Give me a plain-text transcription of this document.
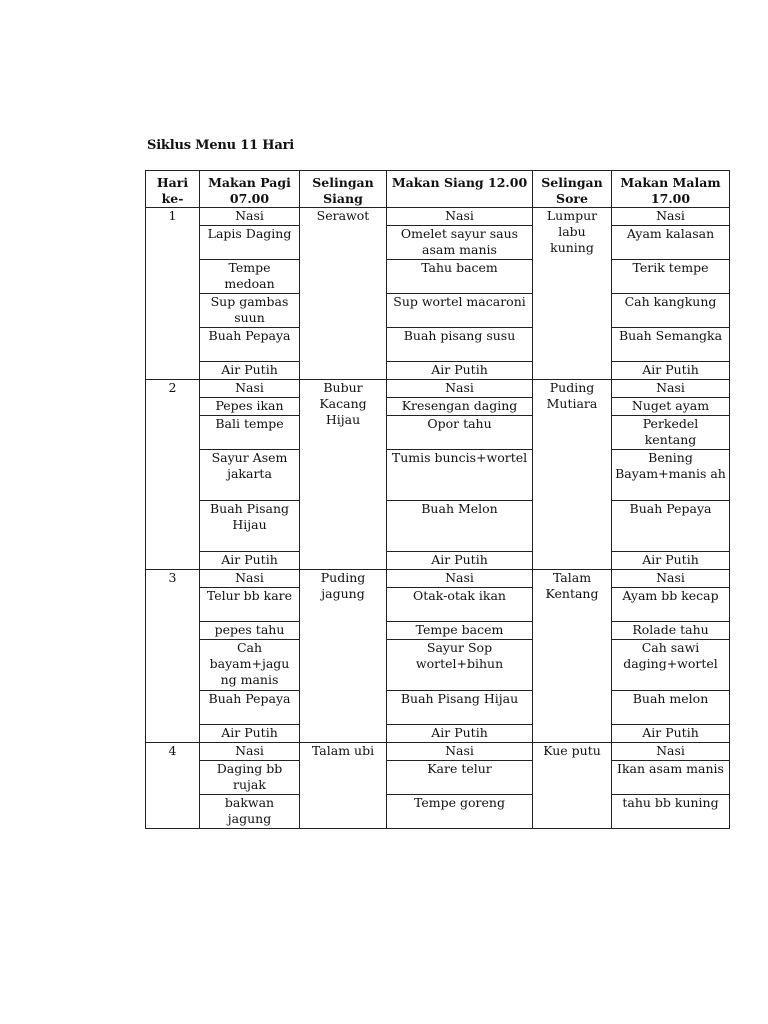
Siklus Menu 11 Hari
Hari ke-	Makan Pagi 07.00	Selingan Siang	Makan Siang 12.00	Selingan Sore	Makan Malam 17.00
1	Nasi	Serawot	Nasi	Lumpur labu kuning	Nasi
	Lapis Daging		Omelet sayur saus asam manis		Ayam kalasan
	Tempe medoan		Tahu bacem		Terik tempe
	Sup gambas suun		Sup wortel macaroni		Cah kangkung
	Buah Pepaya		Buah pisang susu		Buah Semangka
	Air Putih		Air Putih		Air Putih
2	Nasi	Bubur Kacang Hijau	Nasi	Puding Mutiara	Nasi
	Pepes ikan		Kresengan daging		Nuget ayam
	Bali tempe		Opor tahu		Perkedel kentang
	Sayur Asem jakarta		Tumis buncis+wortel		Bening Bayam+manis ah
	Buah Pisang Hijau		Buah Melon		Buah Pepaya
	Air Putih		Air Putih		Air Putih
3	Nasi	Puding jagung	Nasi	Talam Kentang	Nasi
	Telur bb kare		Otak-otak ikan		Ayam bb kecap
	pepes tahu		Tempe bacem		Rolade tahu
	Cah bayam+jagu ng manis		Sayur Sop wortel+bihun		Cah sawi daging+wortel
	Buah Pepaya		Buah Pisang Hijau		Buah melon
	Air Putih		Air Putih		Air Putih
4	Nasi	Talam ubi	Nasi	Kue putu	Nasi
	Daging bb rujak		Kare telur		Ikan asam manis
	bakwan jagung		Tempe goreng		tahu bb kuning
